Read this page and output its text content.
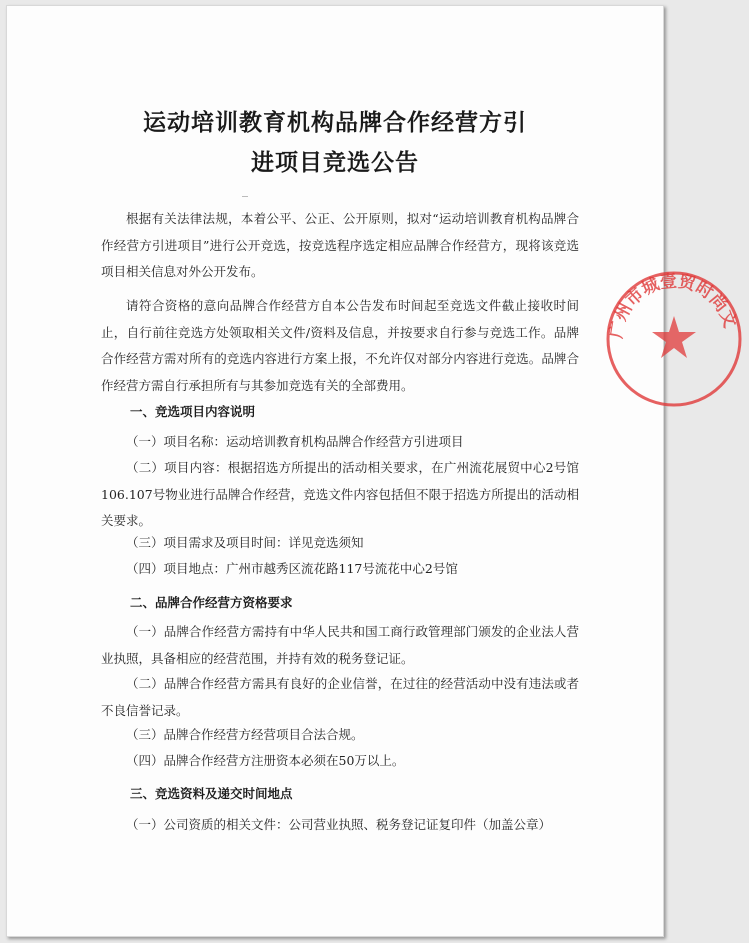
运动培训教育机构品牌合作经营方引
进项目竞选公告

根据有关法律法规，本着公平、公正、公开原则，拟对“运动培训教育机构品牌合作经营方引进项目”进行公开竞选，按竞选程序选定相应品牌合作经营方，现将该竞选项目相关信息对外公开发布。

请符合资格的意向品牌合作经营方自本公告发布时间起至竞选文件截止接收时间止，自行前往竞选方处领取相关文件/资料及信息，并按要求自行参与竞选工作。品牌合作经营方需对所有的竞选内容进行方案上报，不允许仅对部分内容进行竞选。品牌合作经营方需自行承担所有与其参加竞选有关的全部费用。

一、竞选项目内容说明

（一）项目名称：运动培训教育机构品牌合作经营方引进项目

（二）项目内容：根据招选方所提出的活动相关要求，在广州流花展贸中心2号馆106.107号物业进行品牌合作经营，竞选文件内容包括但不限于招选方所提出的活动相关要求。

（三）项目需求及项目时间：详见竞选须知

（四）项目地点：广州市越秀区流花路117号流花中心2号馆

二、品牌合作经营方资格要求

（一）品牌合作经营方需持有中华人民共和国工商行政管理部门颁发的企业法人营业执照，具备相应的经营范围，并持有效的税务登记证。

（二）品牌合作经营方需具有良好的企业信誉，在过往的经营活动中没有违法或者不良信誉记录。

（三）品牌合作经营方经营项目合法合规。

（四）品牌合作经营方注册资本必须在50万以上。

三、竞选资料及递交时间地点

（一）公司资质的相关文件：公司营业执照、税务登记证复印件（加盖公章）

广州市城壹贸时尚文
